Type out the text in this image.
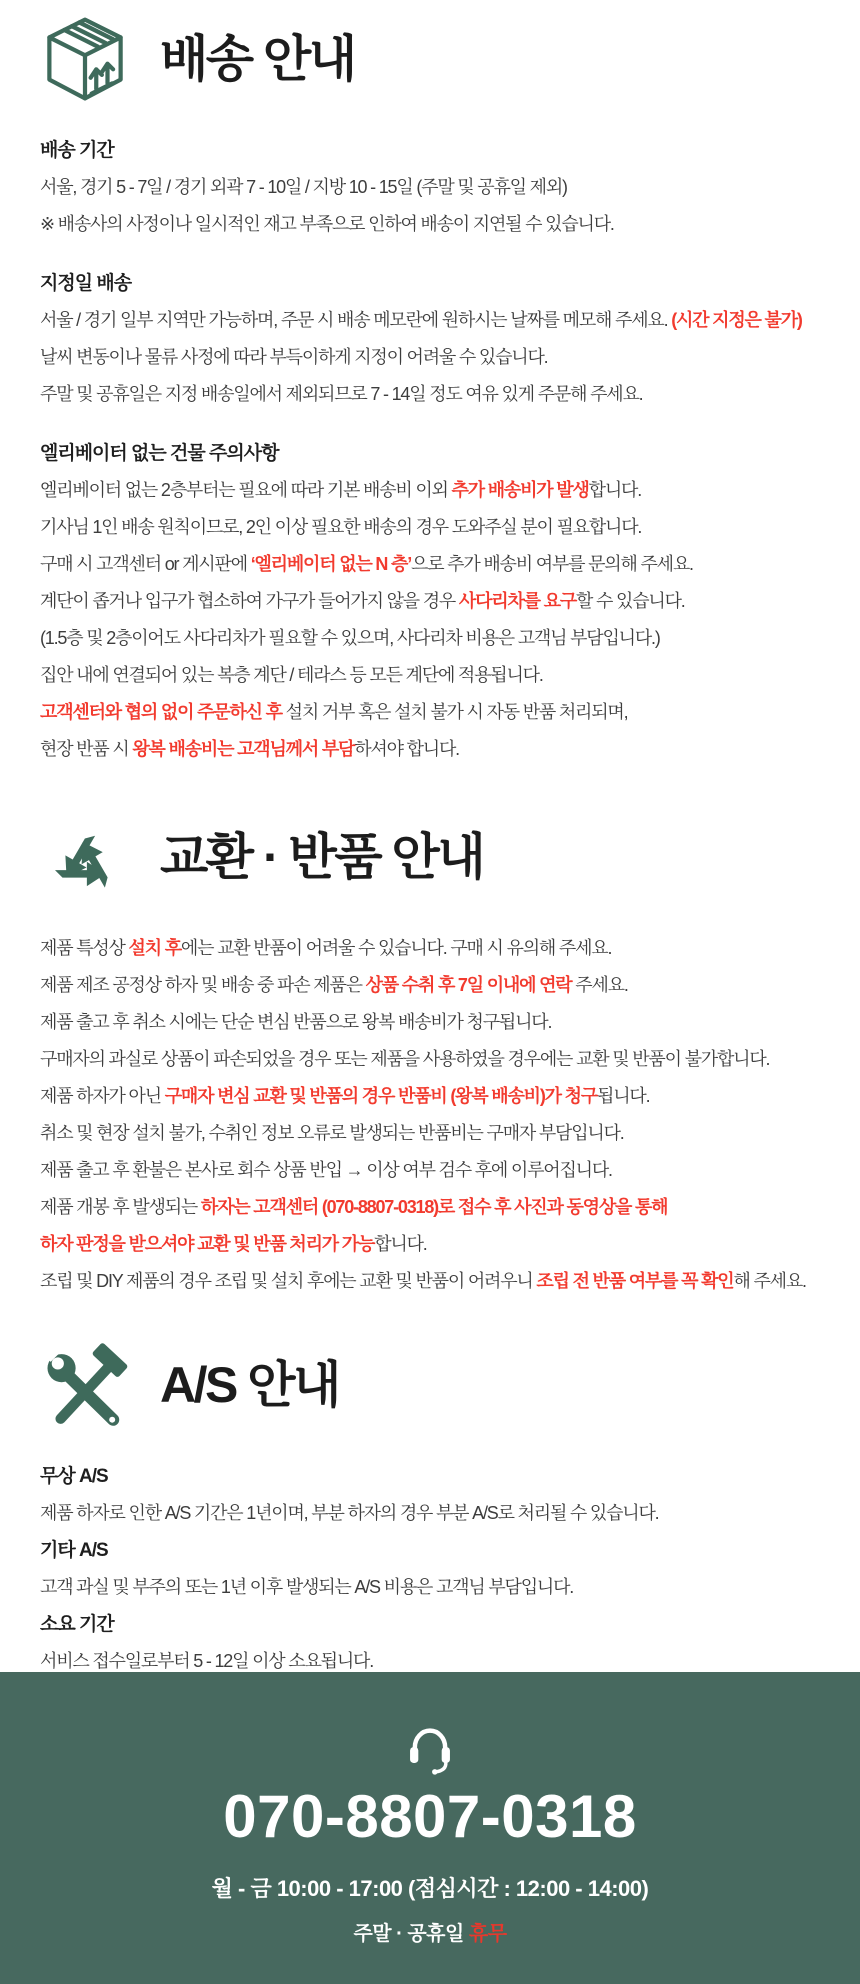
배송 안내
배송 기간

서울, 경기 5 - 7일 / 경기 외곽 7 - 10일 / 지방 10 - 15일 (주말 및 공휴일 제외)

※ 배송사의 사정이나 일시적인 재고 부족으로 인하여 배송이 지연될 수 있습니다.

지정일 배송

서울 / 경기 일부 지역만 가능하며, 주문 시 배송 메모란에 원하시는 날짜를 메모해 주세요. (시간 지정은 불가)

날씨 변동이나 물류 사정에 따라 부득이하게 지정이 어려울 수 있습니다.

주말 및 공휴일은 지정 배송일에서 제외되므로 7 - 14일 정도 여유 있게 주문해 주세요.

엘리베이터 없는 건물 주의사항

엘리베이터 없는 2층부터는 필요에 따라 기본 배송비 이외 추가 배송비가 발생합니다.

기사님 1인 배송 원칙이므로, 2인 이상 필요한 배송의 경우 도와주실 분이 필요합니다.

구매 시 고객센터 or 게시판에 ‘엘리베이터 없는 N 층’으로 추가 배송비 여부를 문의해 주세요.

계단이 좁거나 입구가 협소하여 가구가 들어가지 않을 경우 사다리차를 요구할 수 있습니다.

(1.5층 및 2층이어도 사다리차가 필요할 수 있으며, 사다리차 비용은 고객님 부담입니다.)

집안 내에 연결되어 있는 복층 계단 / 테라스 등 모든 계단에 적용됩니다.

고객센터와 협의 없이 주문하신 후 설치 거부 혹은 설치 불가 시 자동 반품 처리되며,

현장 반품 시 왕복 배송비는 고객님께서 부담하셔야 합니다.

교환 · 반품 안내

제품 특성상 설치 후에는 교환 반품이 어려울 수 있습니다. 구매 시 유의해 주세요.

제품 제조 공정상 하자 및 배송 중 파손 제품은 상품 수취 후 7일 이내에 연락 주세요.

제품 출고 후 취소 시에는 단순 변심 반품으로 왕복 배송비가 청구됩니다.

구매자의 과실로 상품이 파손되었을 경우 또는 제품을 사용하였을 경우에는 교환 및 반품이 불가합니다.

제품 하자가 아닌 구매자 변심 교환 및 반품의 경우 반품비 (왕복 배송비)가 청구됩니다.

취소 및 현장 설치 불가, 수취인 정보 오류로 발생되는 반품비는 구매자 부담입니다.

제품 출고 후 환불은 본사로 회수 상품 반입 → 이상 여부 검수 후에 이루어집니다.

제품 개봉 후 발생되는 하자는 고객센터 (070-8807-0318)로 접수 후 사진과 동영상을 통해

하자 판정을 받으셔야 교환 및 반품 처리가 가능합니다.

조립 및 DIY 제품의 경우 조립 및 설치 후에는 교환 및 반품이 어려우니 조립 전 반품 여부를 꼭 확인해 주세요.

A/S 안내
무상 A/S

제품 하자로 인한 A/S 기간은 1년이며, 부분 하자의 경우 부분 A/S로 처리될 수 있습니다.

기타 A/S

고객 과실 및 부주의 또는 1년 이후 발생되는 A/S 비용은 고객님 부담입니다.

소요 기간

서비스 접수일로부터 5 - 12일 이상 소요됩니다.

070-8807-0318
월 - 금 10:00 - 17:00 (점심시간 : 12:00 - 14:00)
주말 · 공휴일 휴무
